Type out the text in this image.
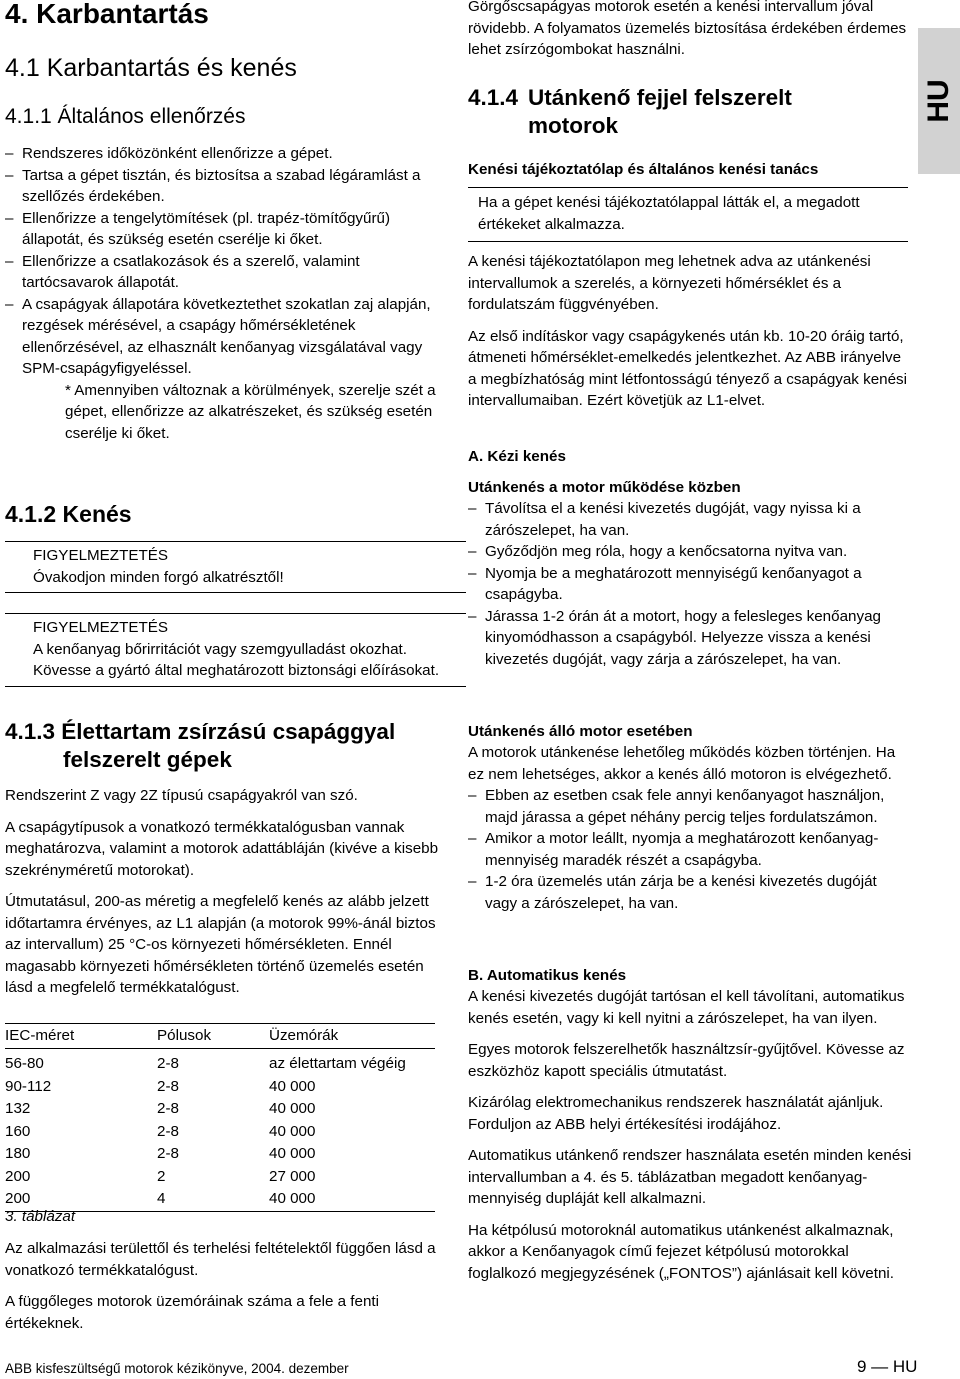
HU
4. Karbantartás
4.1 Karbantartás és kenés
4.1.1 Általános ellenőrzés
– Rendszeres időközönként ellenőrizze a gépet.
– Tartsa a gépet tisztán, és biztosítsa a szabad légáramlást a szellőzés érdekében.
– Ellenőrizze a tengelytömítések (pl. trapéz-tömítőgyűrű) állapotát, és szükség esetén cserélje ki őket.
– Ellenőrizze a csatlakozások és a szerelő, valamint tartócsavarok állapotát.
– A csapágyak állapotára következtethet szokatlan zaj alapján, rezgések mérésével, a csapágy hőmérsékletének ellenőrzésével, az elhasznált kenőanyag vizsgálatával vagy SPM-csapágyfigyeléssel.

* Amennyiben változnak a körülmények, szerelje szét a gépet, ellenőrizze az alkatrészeket, és szükség esetén cserélje ki őket.

4.1.2 Kenés

FIGYELMEZTETÉS

Óvakodjon minden forgó alkatrésztől!

FIGYELMEZTETÉS

A kenőanyag bőrirritációt vagy szemgyulladást okozhat. Kövesse a gyártó által meghatározott biztonsági előírásokat.

4.1.3 Élettartam zsírzású csapággyal felszerelt gépek

Rendszerint Z vagy 2Z típusú csapágyakról van szó.

A csapágytípusok a vonatkozó termékkatalógusban vannak meghatározva, valamint a motorok adattábláján (kivéve a kisebb szekrényméretű motorokat).

Útmutatásul, 200-as méretig a megfelelő kenés az alább jelzett időtartamra érvényes, az L1 alapján (a motorok 99%-ánál biztos az intervallum) 25 °C-os környezeti hőmérsékleten. Ennél magasabb környezeti hőmérsékleten történő üzemelés esetén lásd a megfelelő termékkatalógust.

IEC-méret	Pólusok	Üzemórák
56-80	2-8	az élettartam végéig
90-112	2-8	40 000
132	2-8	40 000
160	2-8	40 000
180	2-8	40 000
200	2	27 000
200	4	40 000

3. táblázat

Az alkalmazási területtől és terhelési feltételektől függően lásd a vonatkozó termékkatalógust.

A függőleges motorok üzemóráinak száma a fele a fenti értékeknek.

Görgőscsapágyas motorok esetén a kenési intervallum jóval rövidebb. A folyamatos üzemelés biztosítása érdekében érdemes lehet zsírzógombokat használni.

4.1.4 Utánkenő fejjel felszerelt motorok
Kenési tájékoztatólap és általános kenési tanács

Ha a gépet kenési tájékoztatólappal látták el, a megadott értékeket alkalmazza.

A kenési tájékoztatólapon meg lehetnek adva az utánkenési intervallumok a szerelés, a környezeti hőmérséklet és a fordulatszám függvényében.

Az első indításkor vagy csapágykenés után kb. 10-20 óráig tartó, átmeneti hőmérséklet-emelkedés jelentkezhet. Az ABB irányelve a megbízhatóság mint létfontosságú tényező a csapágyak kenési intervallumaiban. Ezért követjük az L1-elvet.

A. Kézi kenés
Utánkenés a motor működése közben
– Távolítsa el a kenési kivezetés dugóját, vagy nyissa ki a zárószelepet, ha van.
– Győződjön meg róla, hogy a kenőcsatorna nyitva van.
– Nyomja be a meghatározott mennyiségű kenőanyagot a csapágyba.
– Járassa 1-2 órán át a motort, hogy a felesleges kenőanyag kinyomódhasson a csapágyból. Helyezze vissza a kenési kivezetés dugóját, vagy zárja a zárószelepet, ha van.
Utánkenés álló motor esetében

A motorok utánkenése lehetőleg működés közben történjen. Ha ez nem lehetséges, akkor a kenés álló motoron is elvégezhető.

– Ebben az esetben csak fele annyi kenőanyagot használjon, majd járassa a gépet néhány percig teljes fordulatszámon.
– Amikor a motor leállt, nyomja a meghatározott kenőanyag-mennyiség maradék részét a csapágyba.
– 1-2 óra üzemelés után zárja be a kenési kivezetés dugóját vagy a zárószelepet, ha van.
B. Automatikus kenés

A kenési kivezetés dugóját tartósan el kell távolítani, automatikus kenés esetén, vagy ki kell nyitni a zárószelepet, ha van ilyen.

Egyes motorok felszerelhetők használtzsír-gyűjtővel. Kövesse az eszközhöz kapott speciális útmutatást.

Kizárólag elektromechanikus rendszerek használatát ajánljuk. Forduljon az ABB helyi értékesítési irodájához.

Automatikus utánkenő rendszer használata esetén minden kenési intervallumban a 4. és 5. táblázatban megadott kenőanyag-mennyiség dupláját kell alkalmazni.

Ha kétpólusú motoroknál automatikus utánkenést alkalmaznak, akkor a Kenőanyagok című fejezet kétpólusú motorokkal foglalkozó megjegyzésének („FONTOS”) ajánlásait kell követni.

ABB kisfeszültségű motorok kézikönyve, 2004. dezember	9 — HU
